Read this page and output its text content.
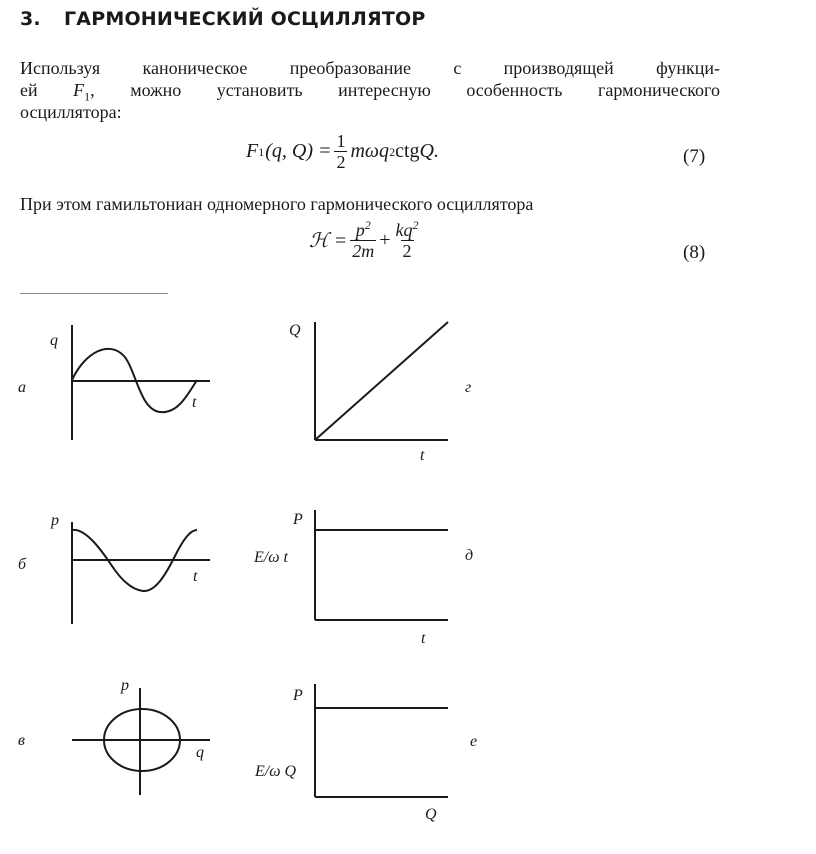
3. ГАРМОНИЧЕСКИЙ ОСЦИЛЛЯТОР
Используя каноническое преобразование с производящей функци-
ей $F_1$, можно установить интересную особенность гармонического
осциллятора:
F 1 (q, $Q) = \frac{1}{2}$ mωq 2 ctg Q.	(7)
При этом гамильтониан одномерного гармонического осциллятора
ℋ = $\frac{p^2}{2m} + \frac{kq^2}{2}$	(8)
а
q
t
б
p
t
в
p
q
г
Q
t
д
P
E/ω t
t
е
P
E/ω Q
Q
